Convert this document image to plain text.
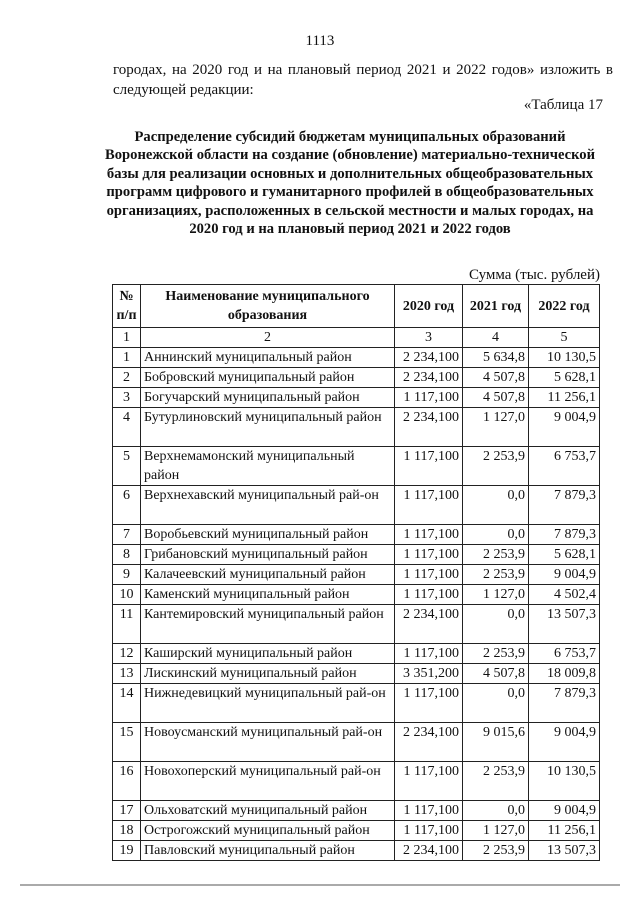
1113
городах, на 2020 год и на плановый период 2021 и 2022 годов» изложить в следующей редакции:
«Таблица 17
Распределение субсидий бюджетам муниципальных образований Воронежской области на создание (обновление) материально-технической базы для реализации основных и дополнительных общеобразовательных программ цифрового и гуманитарного профилей в общеобразовательных организациях, расположенных в сельской местности и малых городах, на 2020 год и на плановый период 2021 и 2022 годов
Сумма (тыс. рублей)
№ п/п	Наименование муниципального образования	2020 год	2021 год	2022 год
1	2	3	4	5
1	Аннинский муниципальный район	2 234,100	5 634,8	10 130,5
2	Бобровский муниципальный район	2 234,100	4 507,8	5 628,1
3	Богучарский муниципальный район	1 117,100	4 507,8	11 256,1
4	Бутурлиновский муниципальный район	2 234,100	1 127,0	9 004,9
5	Верхнемамонский муниципальный район	1 117,100	2 253,9	6 753,7
6	Верхнехавский муниципальный рай-он	1 117,100	0,0	7 879,3
7	Воробьевский муниципальный район	1 117,100	0,0	7 879,3
8	Грибановский муниципальный район	1 117,100	2 253,9	5 628,1
9	Калачеевский муниципальный район	1 117,100	2 253,9	9 004,9
10	Каменский муниципальный район	1 117,100	1 127,0	4 502,4
11	Кантемировский муниципальный район	2 234,100	0,0	13 507,3
12	Каширский муниципальный район	1 117,100	2 253,9	6 753,7
13	Лискинский муниципальный район	3 351,200	4 507,8	18 009,8
14	Нижнедевицкий муниципальный рай-он	1 117,100	0,0	7 879,3
15	Новоусманский муниципальный рай-он	2 234,100	9 015,6	9 004,9
16	Новохоперский муниципальный рай-он	1 117,100	2 253,9	10 130,5
17	Ольховатский муниципальный район	1 117,100	0,0	9 004,9
18	Острогожский муниципальный район	1 117,100	1 127,0	11 256,1
19	Павловский муниципальный район	2 234,100	2 253,9	13 507,3
